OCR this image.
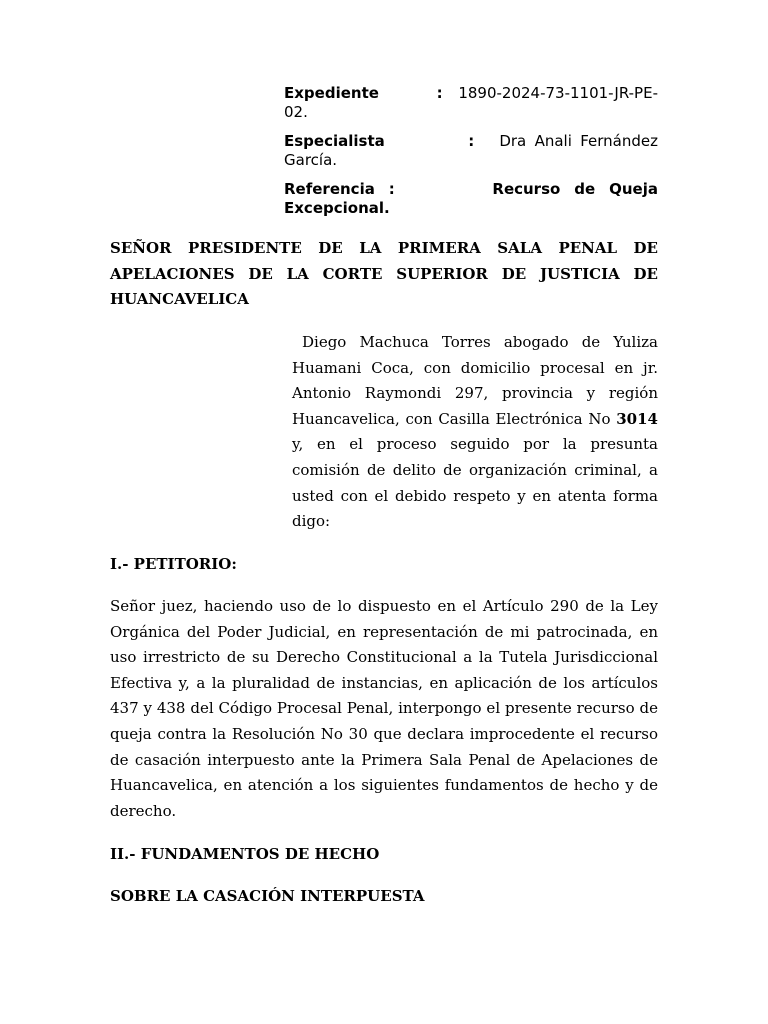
Expediente	: 1890-2024-73-1101-JR-PE-02.
Especialista	: Dra Anali Fernández García.
Referencia :	Recurso de Queja Excepcional.
SEÑOR PRESIDENTE DE LA PRIMERA SALA PENAL DE APELACIONES DE LA CORTE SUPERIOR DE JUSTICIA DE HUANCAVELICA
Diego Machuca Torres abogado de Yuliza Huamani Coca, con domicilio procesal en jr. Antonio Raymondi 297, provincia y región Huancavelica, con Casilla Electrónica No 3014 y, en el proceso seguido por la presunta comisión de delito de organización criminal, a usted con el debido respeto y en atenta forma digo:
I.- PETITORIO:
Señor juez, haciendo uso de lo dispuesto en el Artículo 290 de la Ley Orgánica del Poder Judicial, en representación de mi patrocinada, en uso irrestricto de su Derecho Constitucional a la Tutela Jurisdiccional Efectiva y, a la pluralidad de instancias, en aplicación de los artículos 437 y 438 del Código Procesal Penal, interpongo el presente recurso de queja contra la Resolución No 30 que declara improcedente el recurso de casación interpuesto ante la Primera Sala Penal de Apelaciones de Huancavelica, en atención a los siguientes fundamentos de hecho y de derecho.
II.- FUNDAMENTOS DE HECHO
SOBRE LA CASACIÓN INTERPUESTA
